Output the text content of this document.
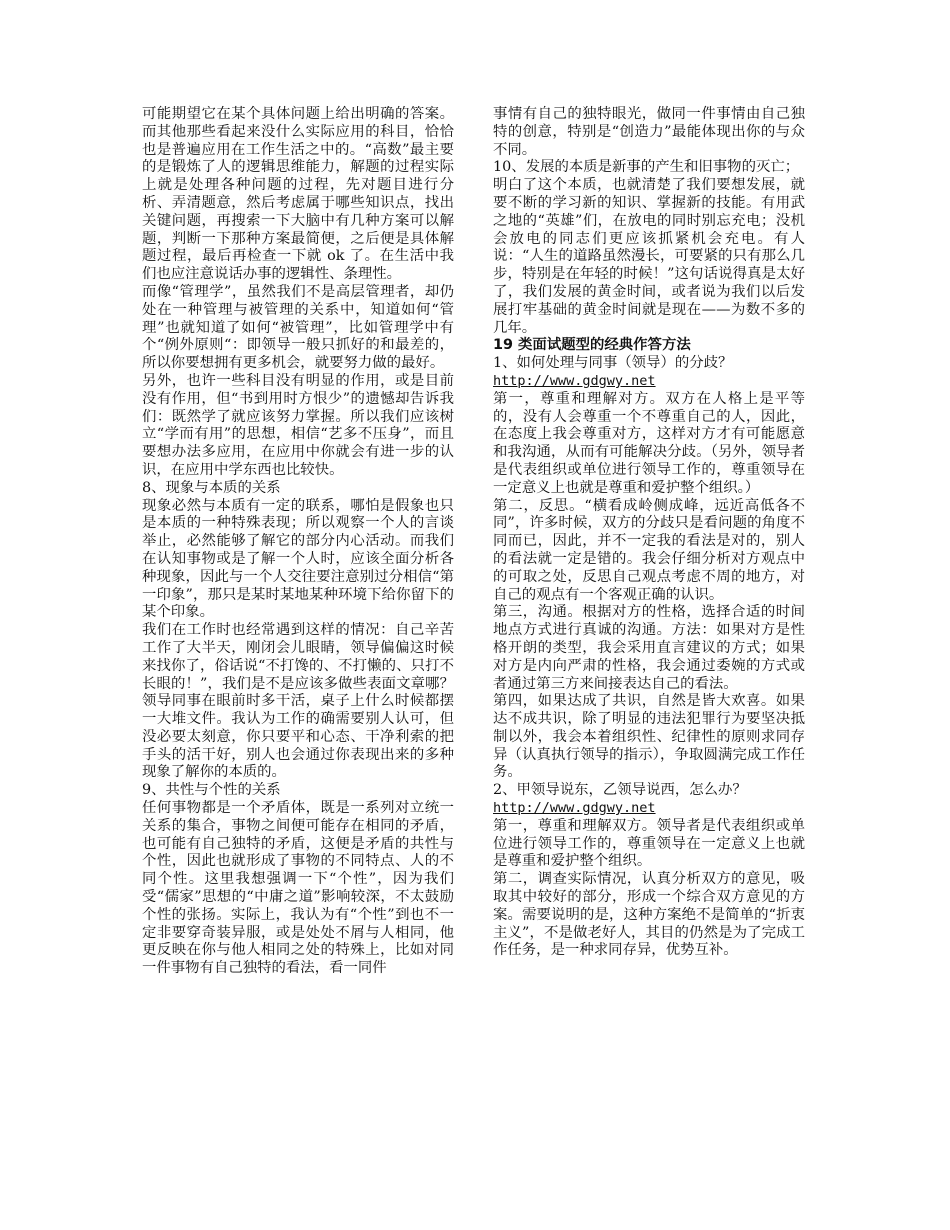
可能期望它在某个具体问题上给出明确的答案。而其他那些看起来没什么实际应用的科目，恰恰也是普遍应用在工作生活之中的。“高数”最主要的是锻炼了人的逻辑思维能力，解题的过程实际上就是处理各种问题的过程，先对题目进行分析、弄清题意，然后考虑属于哪些知识点，找出关键问题，再搜索一下大脑中有几种方案可以解题，判断一下那种方案最简便，之后便是具体解题过程，最后再检查一下就 ok 了。在生活中我们也应注意说话办事的逻辑性、条理性。

而像“管理学”，虽然我们不是高层管理者，却仍处在一种管理与被管理的关系中，知道如何“管理”也就知道了如何“被管理”，比如管理学中有个“例外原则“：即领导一般只抓好的和最差的，所以你要想拥有更多机会，就要努力做的最好。

另外，也许一些科目没有明显的作用，或是目前没有作用，但“书到用时方恨少”的遗憾却告诉我们：既然学了就应该努力掌握。所以我们应该树立“学而有用”的思想，相信“艺多不压身”，而且要想办法多应用，在应用中你就会有进一步的认识，在应用中学东西也比较快。

8、现象与本质的关系

现象必然与本质有一定的联系，哪怕是假象也只是本质的一种特殊表现；所以观察一个人的言谈举止，必然能够了解它的部分内心活动。而我们在认知事物或是了解一个人时，应该全面分析各种现象，因此与一个人交往要注意别过分相信“第一印象”，那只是某时某地某种环境下给你留下的某个印象。

我们在工作时也经常遇到这样的情况：自己辛苦工作了大半天，刚闭会儿眼睛，领导偏偏这时候来找你了，俗话说“不打馋的、不打懒的、只打不长眼的！”，我们是不是应该多做些表面文章哪？领导同事在眼前时多干活，桌子上什么时候都摆一大堆文件。我认为工作的确需要别人认可，但没必要太刻意，你只要平和心态、干净利索的把手头的活干好，别人也会通过你表现出来的多种现象了解你的本质的。

9、共性与个性的关系

任何事物都是一个矛盾体，既是一系列对立统一关系的集合，事物之间便可能存在相同的矛盾，也可能有自己独特的矛盾，这便是矛盾的共性与个性，因此也就形成了事物的不同特点、人的不同个性。这里我想强调一下“个性”，因为我们受“儒家”思想的“中庸之道”影响较深，不太鼓励个性的张扬。实际上，我认为有“个性”到也不一定非要穿奇装异服，或是处处不屑与人相同，他更反映在你与他人相同之处的特殊上，比如对同一件事物有自己独特的看法，看一同件

事情有自己的独特眼光，做同一件事情由自己独特的创意，特别是“创造力”最能体现出你的与众不同。

10、发展的本质是新事的产生和旧事物的灭亡；

明白了这个本质，也就清楚了我们要想发展，就要不断的学习新的知识、掌握新的技能。有用武之地的“英雄”们，在放电的同时别忘充电；没机会放电的同志们更应该抓紧机会充电。有人说：“人生的道路虽然漫长，可要紧的只有那么几步，特别是在年轻的时候！”这句话说得真是太好了，我们发展的黄金时间，或者说为我们以后发展打牢基础的黄金时间就是现在——为数不多的几年。

19 类面试题型的经典作答方法

1、如何处理与同事（领导）的分歧？

http://www.gdgwy.net

第一，尊重和理解对方。双方在人格上是平等的，没有人会尊重一个不尊重自己的人，因此，在态度上我会尊重对方，这样对方才有可能愿意和我沟通，从而有可能解决分歧。（另外，领导者是代表组织或单位进行领导工作的，尊重领导在一定意义上也就是尊重和爱护整个组织。）

第二，反思。“横看成岭侧成峰，远近高低各不同”，许多时候，双方的分歧只是看问题的角度不同而已，因此，并不一定我的看法是对的，别人的看法就一定是错的。我会仔细分析对方观点中的可取之处，反思自己观点考虑不周的地方，对自己的观点有一个客观正确的认识。

第三，沟通。根据对方的性格，选择合适的时间地点方式进行真诚的沟通。方法：如果对方是性格开朗的类型，我会采用直言建议的方式；如果对方是内向严肃的性格，我会通过委婉的方式或者通过第三方来间接表达自己的看法。

第四，如果达成了共识，自然是皆大欢喜。如果达不成共识，除了明显的违法犯罪行为要坚决抵制以外，我会本着组织性、纪律性的原则求同存异（认真执行领导的指示），争取圆满完成工作任务。

2、甲领导说东，乙领导说西，怎么办？

http://www.gdgwy.net

第一，尊重和理解双方。领导者是代表组织或单位进行领导工作的，尊重领导在一定意义上也就是尊重和爱护整个组织。

第二，调查实际情况，认真分析双方的意见，吸取其中较好的部分，形成一个综合双方意见的方案。需要说明的是，这种方案绝不是简单的“折衷主义”，不是做老好人，其目的仍然是为了完成工作任务，是一种求同存异，优势互补。
